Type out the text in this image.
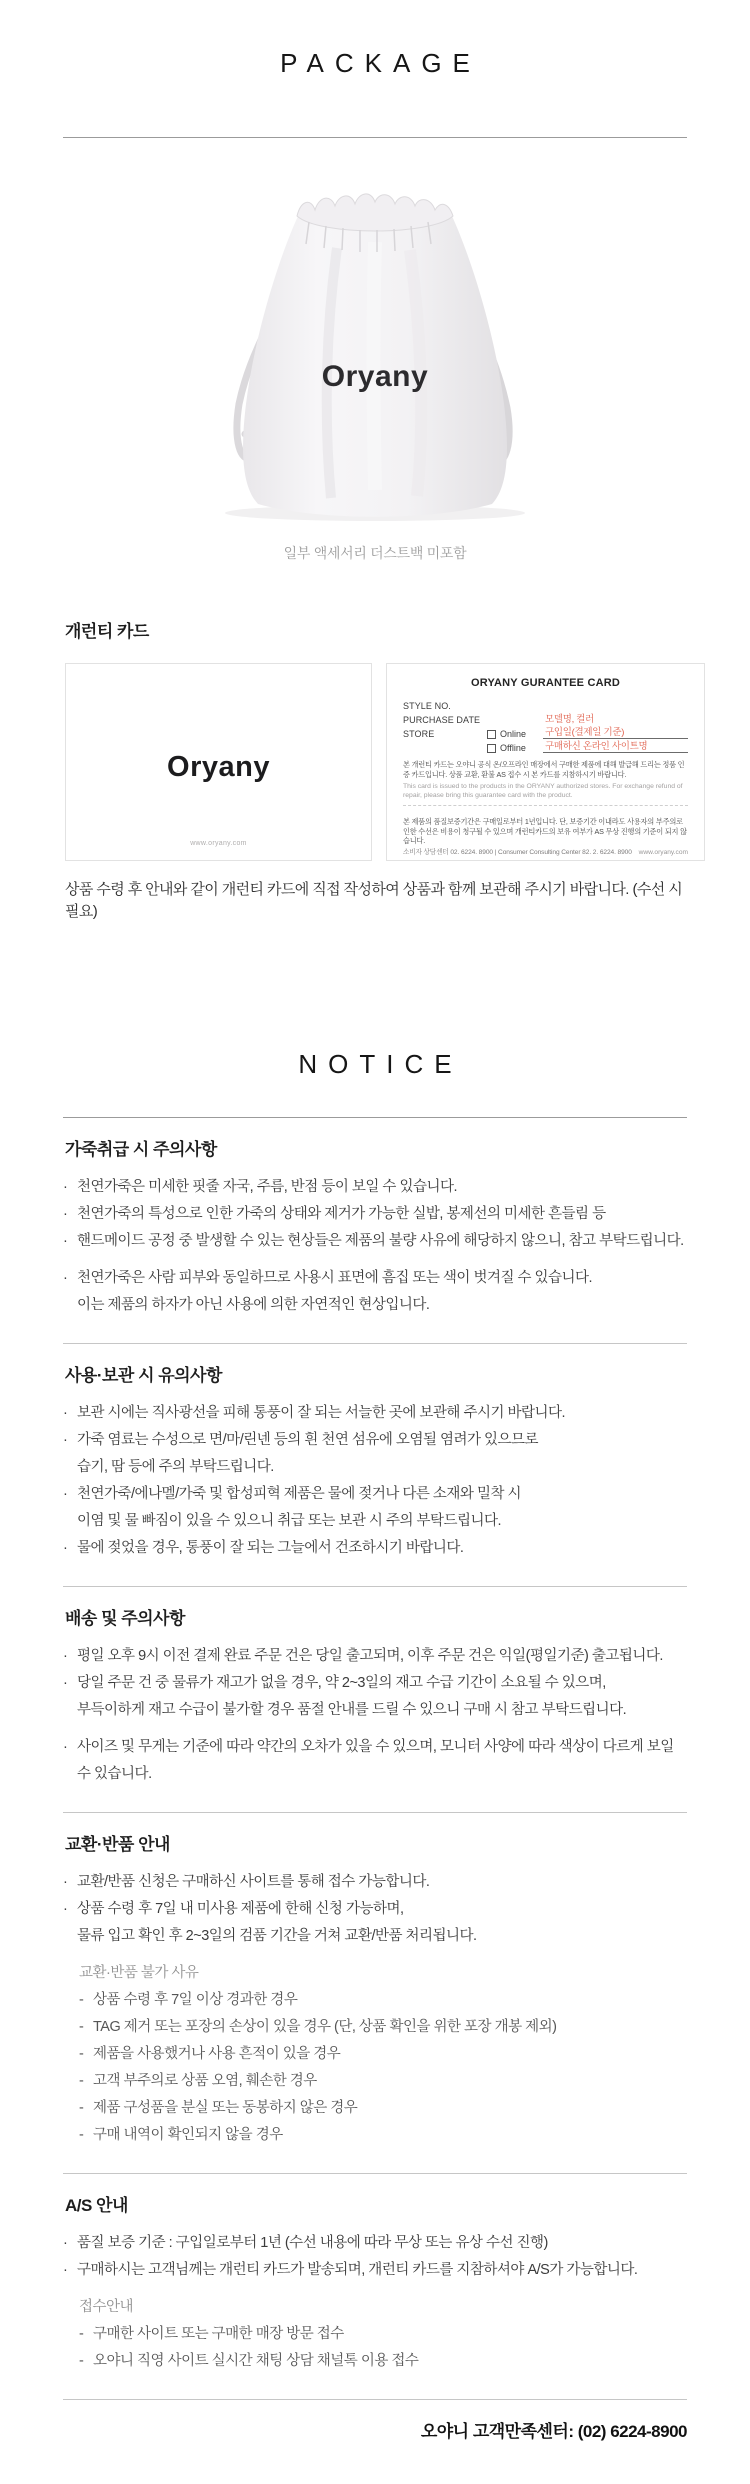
PACKAGE
Oryany
일부 액세서리 더스트백 미포함
개런티 카드
Oryany
www.oryany.com
ORYANY GURANTEE CARD
STYLE NO.
PURCHASE DATE	모델명, 컬러
STORE	Online 구입일(결제일 기준)
Offline 구매하신 온라인 사이트명
본 개런티 카드는 오야니 공식 온/오프라인 매장에서 구매한 제품에 대해 발급해 드리는 정품 인증 카드입니다. 상품 교환, 환불 AS 접수 시 본 카드를 지참하시기 바랍니다.
This card is issued to the products in the ORYANY authorized stores. For exchange refund of repair, please bring this guarantee card with the product.
본 제품의 품질보증기간은 구매일로부터 1년입니다. 단, 보증기간 이내라도 사용자의 부주의로 인한 수선은 비용이 청구될 수 있으며 개런티카드의 보유 여부가 AS 무상 진행의 기준이 되지 않습니다.
소비자 상담센터 02. 6224. 8900 | Consumer Consulting Center 82. 2. 6224. 8900 www.oryany.com
상품 수령 후 안내와 같이 개런티 카드에 직접 작성하여 상품과 함께 보관해 주시기 바랍니다. (수선 시 필요)
NOTICE
가죽취급 시 주의사항
· 천연가죽은 미세한 핏줄 자국, 주름, 반점 등이 보일 수 있습니다.
· 천연가죽의 특성으로 인한 가죽의 상태와 제거가 가능한 실밥, 봉제선의 미세한 흔들림 등
· 핸드메이드 공정 중 발생할 수 있는 현상들은 제품의 불량 사유에 해당하지 않으니, 참고 부탁드립니다.
· 천연가죽은 사람 피부와 동일하므로 사용시 표면에 흠집 또는 색이 벗겨질 수 있습니다.
이는 제품의 하자가 아닌 사용에 의한 자연적인 현상입니다.
사용·보관 시 유의사항
· 보관 시에는 직사광선을 피해 통풍이 잘 되는 서늘한 곳에 보관해 주시기 바랍니다.
· 가죽 염료는 수성으로 면/마/린넨 등의 흰 천연 섬유에 오염될 염려가 있으므로
습기, 땀 등에 주의 부탁드립니다.
· 천연가죽/에나멜/가죽 및 합성피혁 제품은 물에 젖거나 다른 소재와 밀착 시
이염 및 물 빠짐이 있을 수 있으니 취급 또는 보관 시 주의 부탁드립니다.
· 물에 젖었을 경우, 통풍이 잘 되는 그늘에서 건조하시기 바랍니다.
배송 및 주의사항
· 평일 오후 9시 이전 결제 완료 주문 건은 당일 출고되며, 이후 주문 건은 익일(평일기준) 출고됩니다.
· 당일 주문 건 중 물류가 재고가 없을 경우, 약 2~3일의 재고 수급 기간이 소요될 수 있으며,
부득이하게 재고 수급이 불가할 경우 품절 안내를 드릴 수 있으니 구매 시 참고 부탁드립니다.
· 사이즈 및 무게는 기준에 따라 약간의 오차가 있을 수 있으며, 모니터 사양에 따라 색상이 다르게 보일 수 있습니다.
교환·반품 안내
· 교환/반품 신청은 구매하신 사이트를 통해 접수 가능합니다.
· 상품 수령 후 7일 내 미사용 제품에 한해 신청 가능하며,
물류 입고 확인 후 2~3일의 검품 기간을 거쳐 교환/반품 처리됩니다.
교환·반품 불가 사유
- 상품 수령 후 7일 이상 경과한 경우
- TAG 제거 또는 포장의 손상이 있을 경우 (단, 상품 확인을 위한 포장 개봉 제외)
- 제품을 사용했거나 사용 흔적이 있을 경우
- 고객 부주의로 상품 오염, 훼손한 경우
- 제품 구성품을 분실 또는 동봉하지 않은 경우
- 구매 내역이 확인되지 않을 경우
A/S 안내
· 품질 보증 기준 : 구입일로부터 1년 (수선 내용에 따라 무상 또는 유상 수선 진행)
· 구매하시는 고객님께는 개런티 카드가 발송되며, 개런티 카드를 지참하셔야 A/S가 가능합니다.
접수안내
- 구매한 사이트 또는 구매한 매장 방문 접수
- 오야니 직영 사이트 실시간 채팅 상담 채널톡 이용 접수
오야니 고객만족센터: (02) 6224-8900
